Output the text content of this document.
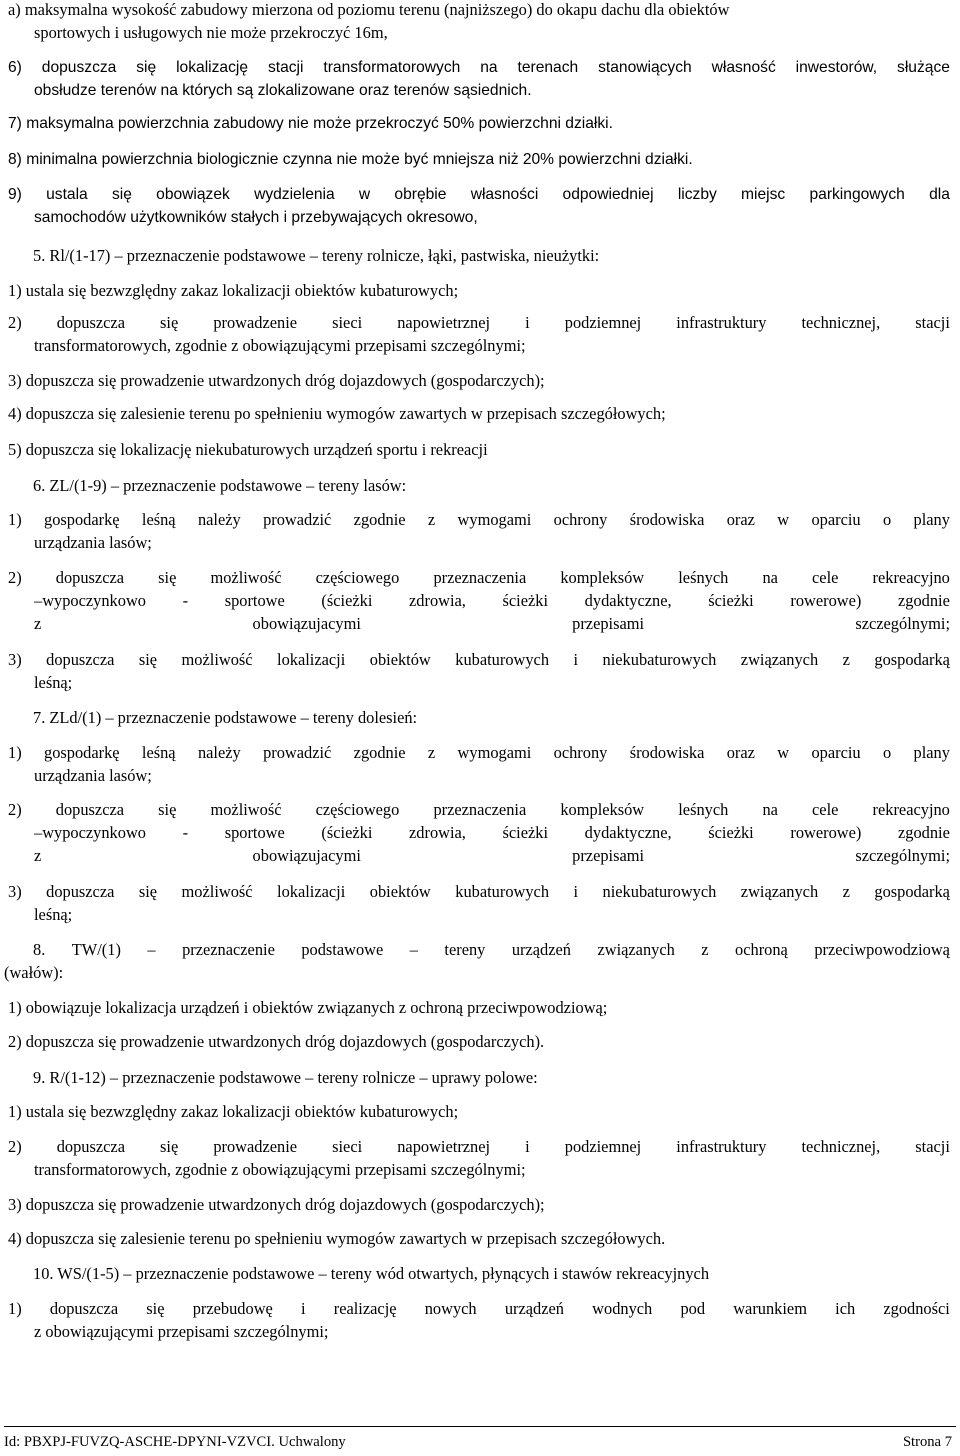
a) maksymalna wysokość zabudowy mierzona od poziomu terenu (najniższego) do okapu dachu dla obiektów
sportowych i usługowych nie może przekroczyć 16m,
6) dopuszcza się lokalizację stacji transformatorowych na terenach stanowiących własność inwestorów, służące
obsłudze terenów na których są zlokalizowane oraz terenów sąsiednich.
7) maksymalna powierzchnia zabudowy nie może przekroczyć 50% powierzchni działki.
8) minimalna powierzchnia biologicznie czynna nie może być mniejsza niż 20% powierzchni działki.
9) ustala się obowiązek wydzielenia w obrębie własności odpowiedniej liczby miejsc parkingowych dla
samochodów użytkowników stałych i przebywających okresowo,
5. Rl/(1-17) – przeznaczenie podstawowe – tereny rolnicze, łąki, pastwiska, nieużytki:
1) ustala się bezwzględny zakaz lokalizacji obiektów kubaturowych;
2) dopuszcza się prowadzenie sieci napowietrznej i podziemnej infrastruktury technicznej, stacji
transformatorowych, zgodnie z obowiązującymi przepisami szczególnymi;
3) dopuszcza się prowadzenie utwardzonych dróg dojazdowych (gospodarczych);
4) dopuszcza się zalesienie terenu po spełnieniu wymogów zawartych w przepisach szczegółowych;
5) dopuszcza się lokalizację niekubaturowych urządzeń sportu i rekreacji
6. ZL/(1-9) – przeznaczenie podstawowe – tereny lasów:
1) gospodarkę leśną należy prowadzić zgodnie z wymogami ochrony środowiska oraz w oparciu o plany
urządzania lasów;
2) dopuszcza się możliwość częściowego przeznaczenia kompleksów leśnych na cele rekreacyjno
–wypoczynkowo - sportowe (ścieżki zdrowia, ścieżki dydaktyczne, ścieżki rowerowe) zgodnie
z	obowiązujacymi	przepisami	szczególnymi;
3) dopuszcza się możliwość lokalizacji obiektów kubaturowych i niekubaturowych związanych z gospodarką
leśną;
7. ZLd/(1) – przeznaczenie podstawowe – tereny dolesień:
1) gospodarkę leśną należy prowadzić zgodnie z wymogami ochrony środowiska oraz w oparciu o plany
urządzania lasów;
2) dopuszcza się możliwość częściowego przeznaczenia kompleksów leśnych na cele rekreacyjno
–wypoczynkowo - sportowe (ścieżki zdrowia, ścieżki dydaktyczne, ścieżki rowerowe) zgodnie
z	obowiązujacymi	przepisami	szczególnymi;
3) dopuszcza się możliwość lokalizacji obiektów kubaturowych i niekubaturowych związanych z gospodarką
leśną;
8. TW/(1) – przeznaczenie podstawowe – tereny urządzeń związanych z ochroną przeciwpowodziową
(wałów):
1) obowiązuje lokalizacja urządzeń i obiektów związanych z ochroną przeciwpowodziową;
2) dopuszcza się prowadzenie utwardzonych dróg dojazdowych (gospodarczych).
9. R/(1-12) – przeznaczenie podstawowe – tereny rolnicze – uprawy polowe:
1) ustala się bezwzględny zakaz lokalizacji obiektów kubaturowych;
2) dopuszcza się prowadzenie sieci napowietrznej i podziemnej infrastruktury technicznej, stacji
transformatorowych, zgodnie z obowiązującymi przepisami szczególnymi;
3) dopuszcza się prowadzenie utwardzonych dróg dojazdowych (gospodarczych);
4) dopuszcza się zalesienie terenu po spełnieniu wymogów zawartych w przepisach szczegółowych.
10. WS/(1-5) – przeznaczenie podstawowe – tereny wód otwartych, płynących i stawów rekreacyjnych
1) dopuszcza się przebudowę i realizację nowych urządzeń wodnych pod warunkiem ich zgodności
z obowiązującymi przepisami szczególnymi;
Id: PBXPJ-FUVZQ-ASCHE-DPYNI-VZVCI. Uchwalony	Strona 7
